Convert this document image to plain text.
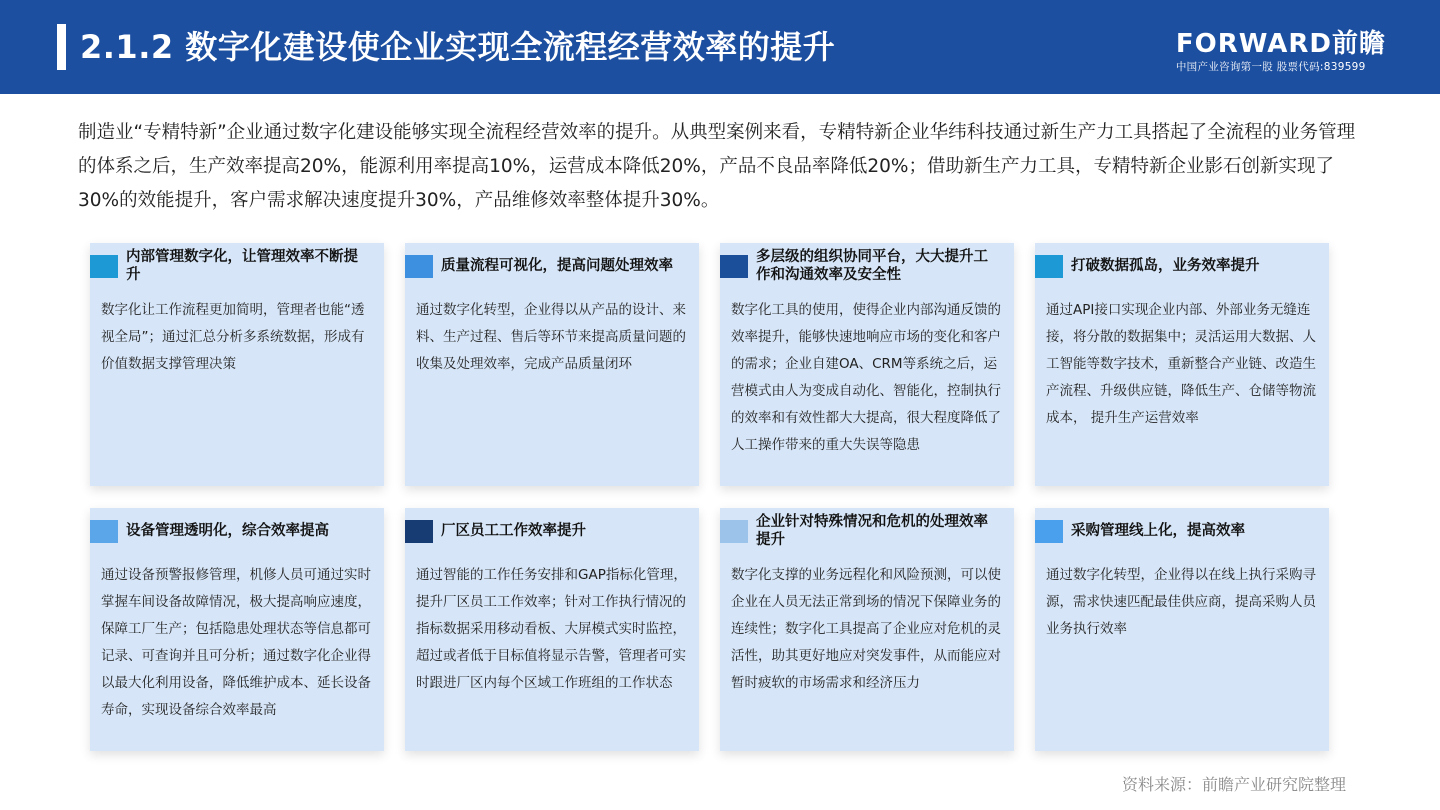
2.1.2 数字化建设使企业实现全流程经营效率的提升	FORWARD前瞻
中国产业咨询第一股 股票代码:839599
制造业“专精特新”企业通过数字化建设能够实现全流程经营效率的提升。从典型案例来看，专精特新企业华纬科技通过新生产力工具搭起了全流程的业务管理的体系之后，生产效率提高20%，能源利用率提高10%，运营成本降低20%，产品不良品率降低20%；借助新生产力工具，专精特新企业影石创新实现了30%的效能提升，客户需求解决速度提升30%，产品维修效率整体提升30%。
内部管理数字化，让管理效率不断提升
数字化让工作流程更加简明，管理者也能“透视全局”；通过汇总分析多系统数据，形成有价值数据支撑管理决策
质量流程可视化，提高问题处理效率
通过数字化转型，企业得以从产品的设计、来料、生产过程、售后等环节来提高质量问题的收集及处理效率，完成产品质量闭环
多层级的组织协同平台，大大提升工作和沟通效率及安全性
数字化工具的使用，使得企业内部沟通反馈的效率提升，能够快速地响应市场的变化和客户的需求；企业自建OA、CRM等系统之后，运营模式由人为变成自动化、智能化，控制执行的效率和有效性都大大提高，很大程度降低了人工操作带来的重大失误等隐患
打破数据孤岛，业务效率提升
通过API接口实现企业内部、外部业务无缝连接，将分散的数据集中；灵活运用大数据、人工智能等数字技术，重新整合产业链、改造生产流程、升级供应链，降低生产、仓储等物流成本， 提升生产运营效率
设备管理透明化，综合效率提高
通过设备预警报修管理，机修人员可通过实时掌握车间设备故障情况，极大提高响应速度，保障工厂生产；包括隐患处理状态等信息都可记录、可查询并且可分析；通过数字化企业得以最大化利用设备，降低维护成本、延长设备寿命，实现设备综合效率最高
厂区员工工作效率提升
通过智能的工作任务安排和GAP指标化管理，提升厂区员工工作效率；针对工作执行情况的指标数据采用移动看板、大屏模式实时监控，超过或者低于目标值将显示告警，管理者可实时跟进厂区内每个区域工作班组的工作状态
企业针对特殊情况和危机的处理效率提升
数字化支撑的业务远程化和风险预测，可以使企业在人员无法正常到场的情况下保障业务的连续性；数字化工具提高了企业应对危机的灵活性，助其更好地应对突发事件，从而能应对暂时疲软的市场需求和经济压力
采购管理线上化，提高效率
通过数字化转型，企业得以在线上执行采购寻源，需求快速匹配最佳供应商，提高采购人员业务执行效率
资料来源：前瞻产业研究院整理
